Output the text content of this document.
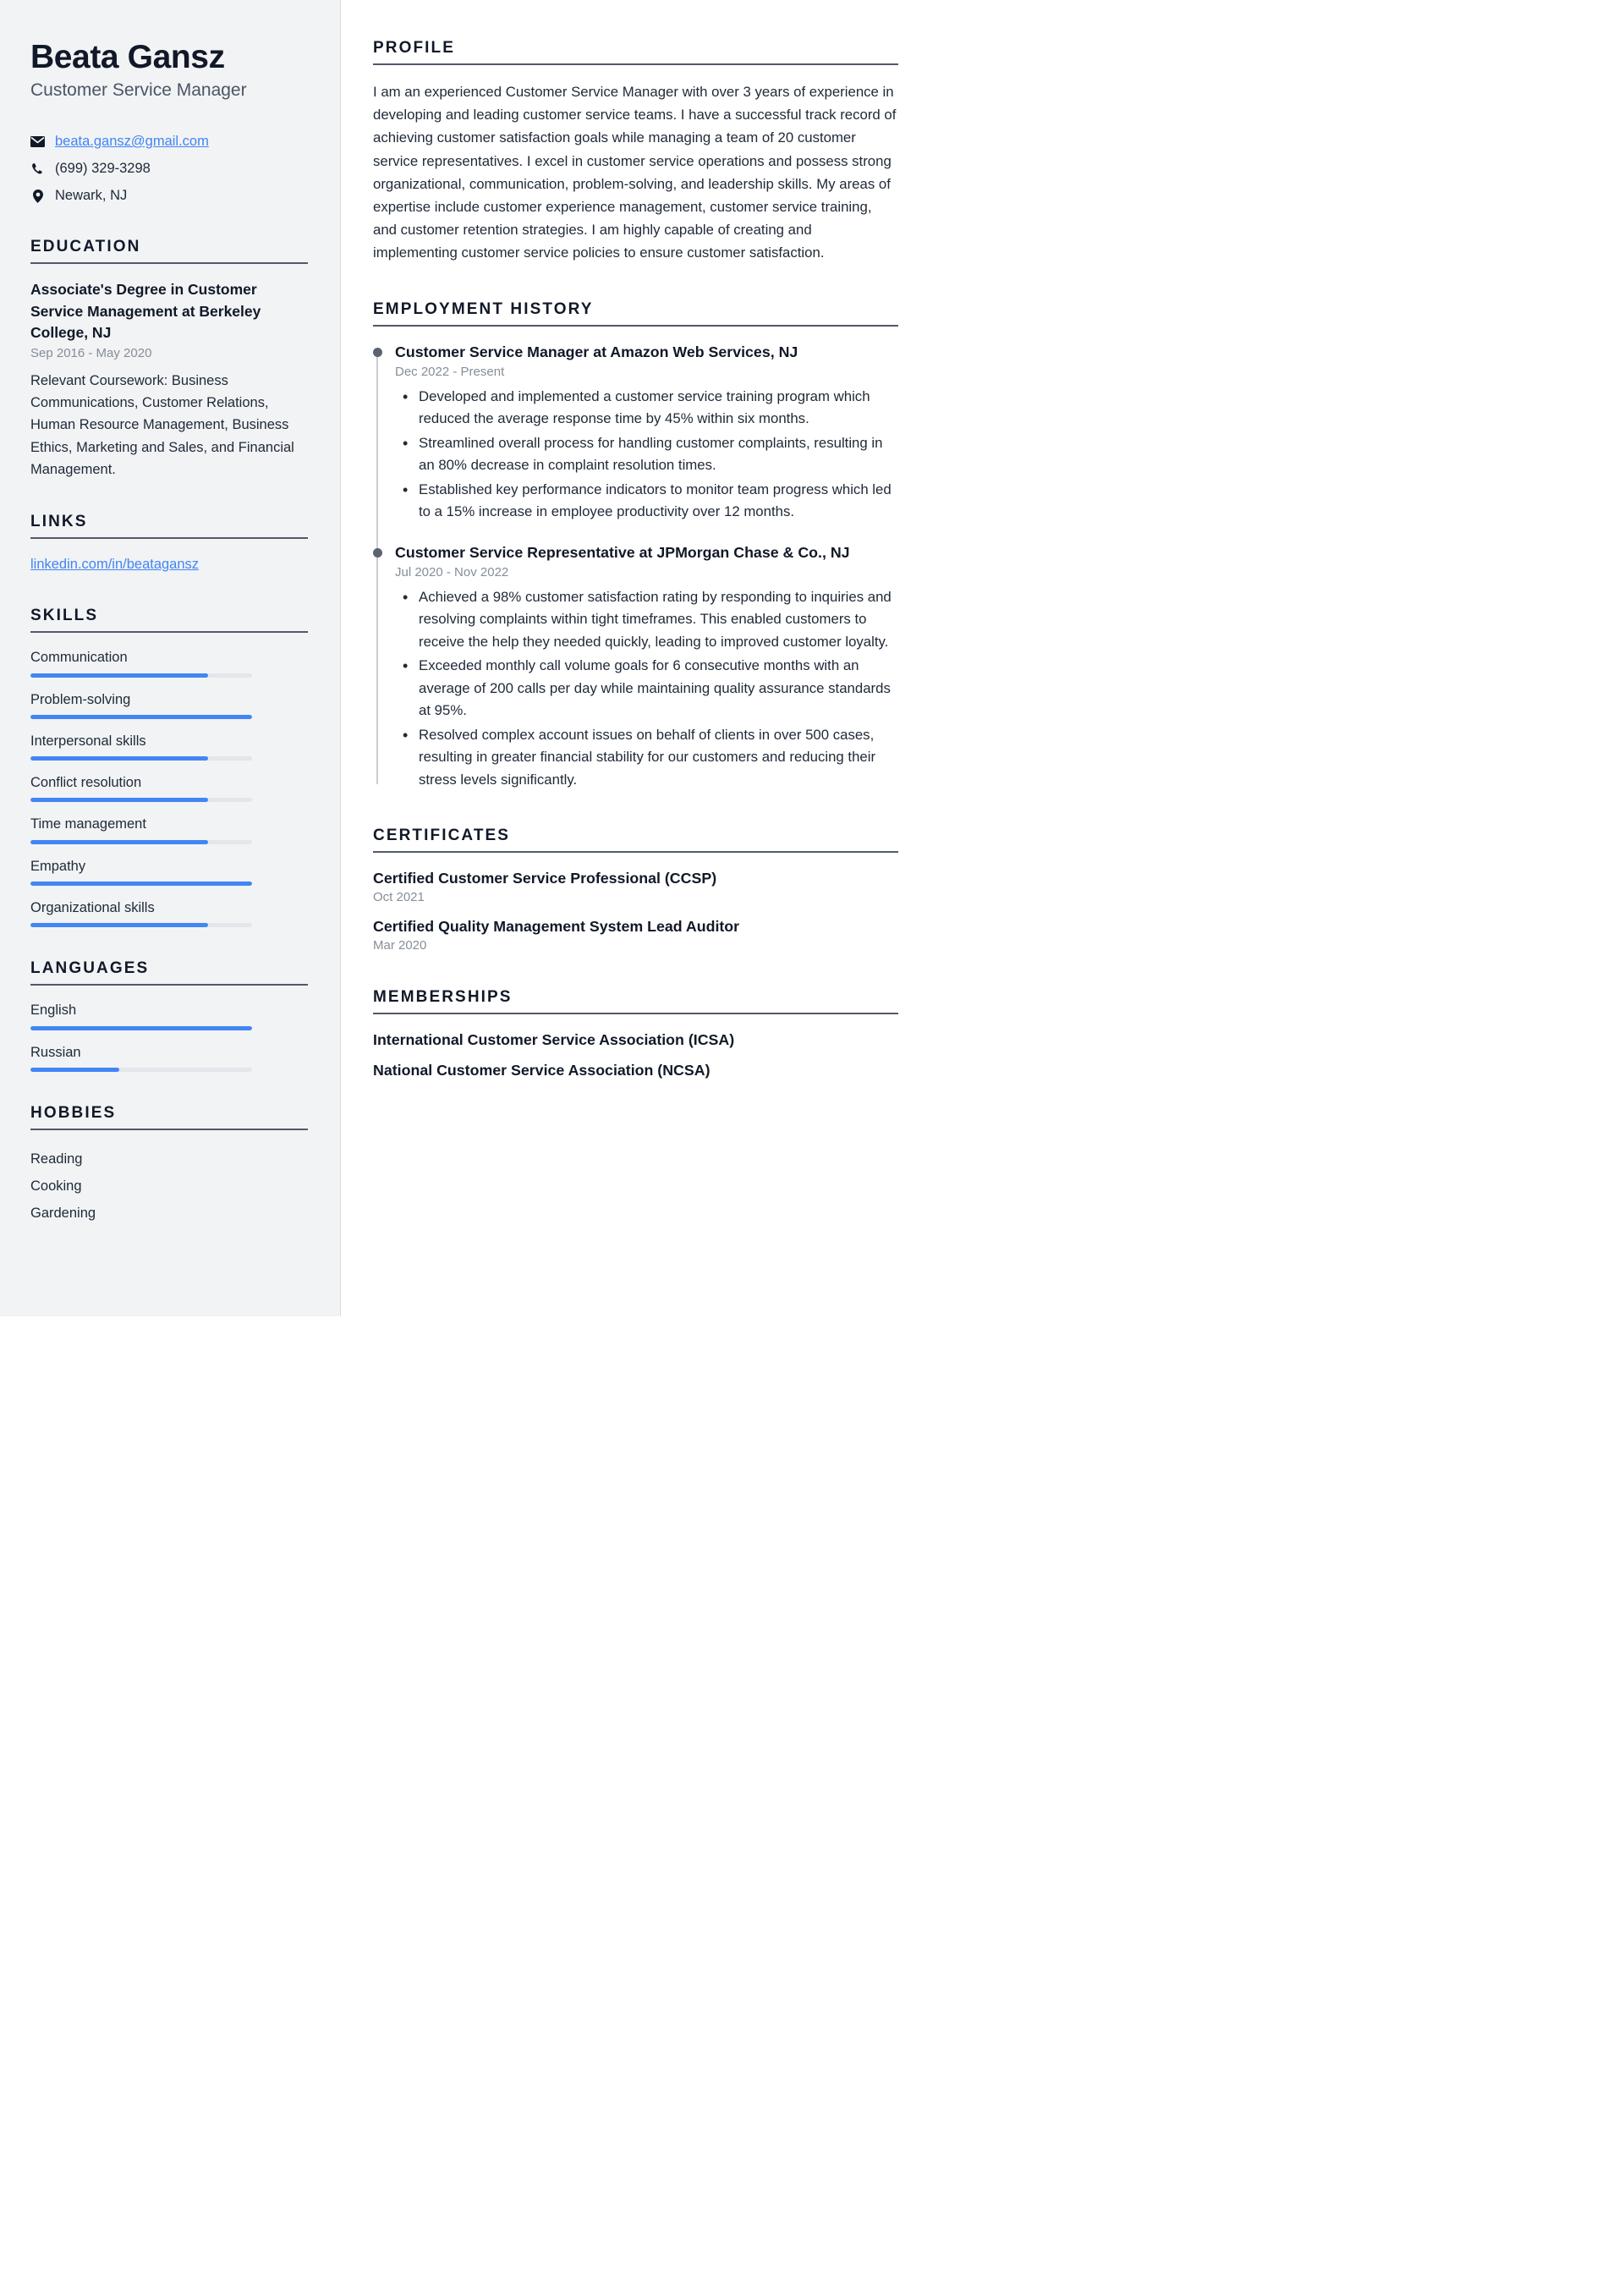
Beata Gansz
Customer Service Manager
beata.gansz@gmail.com
(699) 329-3298
Newark, NJ
EDUCATION
Associate's Degree in Customer Service Management at Berkeley College, NJ
Sep 2016 - May 2020
Relevant Coursework: Business Communications, Customer Relations, Human Resource Management, Business Ethics, Marketing and Sales, and Financial Management.
LINKS
linkedin.com/in/beatagansz
SKILLS
Communication
Problem-solving
Interpersonal skills
Conflict resolution
Time management
Empathy
Organizational skills
LANGUAGES
English
Russian
HOBBIES
Reading
Cooking
Gardening
PROFILE

I am an experienced Customer Service Manager with over 3 years of experience in developing and leading customer service teams. I have a successful track record of achieving customer satisfaction goals while managing a team of 20 customer service representatives. I excel in customer service operations and possess strong organizational, communication, problem-solving, and leadership skills. My areas of expertise include customer experience management, customer service training, and customer retention strategies. I am highly capable of creating and implementing customer service policies to ensure customer satisfaction.

EMPLOYMENT HISTORY
Customer Service Manager at Amazon Web Services, NJ
Dec 2022 - Present
• Developed and implemented a customer service training program which reduced the average response time by 45% within six months.
• Streamlined overall process for handling customer complaints, resulting in an 80% decrease in complaint resolution times.
• Established key performance indicators to monitor team progress which led to a 15% increase in employee productivity over 12 months.
Customer Service Representative at JPMorgan Chase & Co., NJ
Jul 2020 - Nov 2022
• Achieved a 98% customer satisfaction rating by responding to inquiries and resolving complaints within tight timeframes. This enabled customers to receive the help they needed quickly, leading to improved customer loyalty.
• Exceeded monthly call volume goals for 6 consecutive months with an average of 200 calls per day while maintaining quality assurance standards at 95%.
• Resolved complex account issues on behalf of clients in over 500 cases, resulting in greater financial stability for our customers and reducing their stress levels significantly.
CERTIFICATES
Certified Customer Service Professional (CCSP)
Oct 2021
Certified Quality Management System Lead Auditor
Mar 2020
MEMBERSHIPS
International Customer Service Association (ICSA)
National Customer Service Association (NCSA)
